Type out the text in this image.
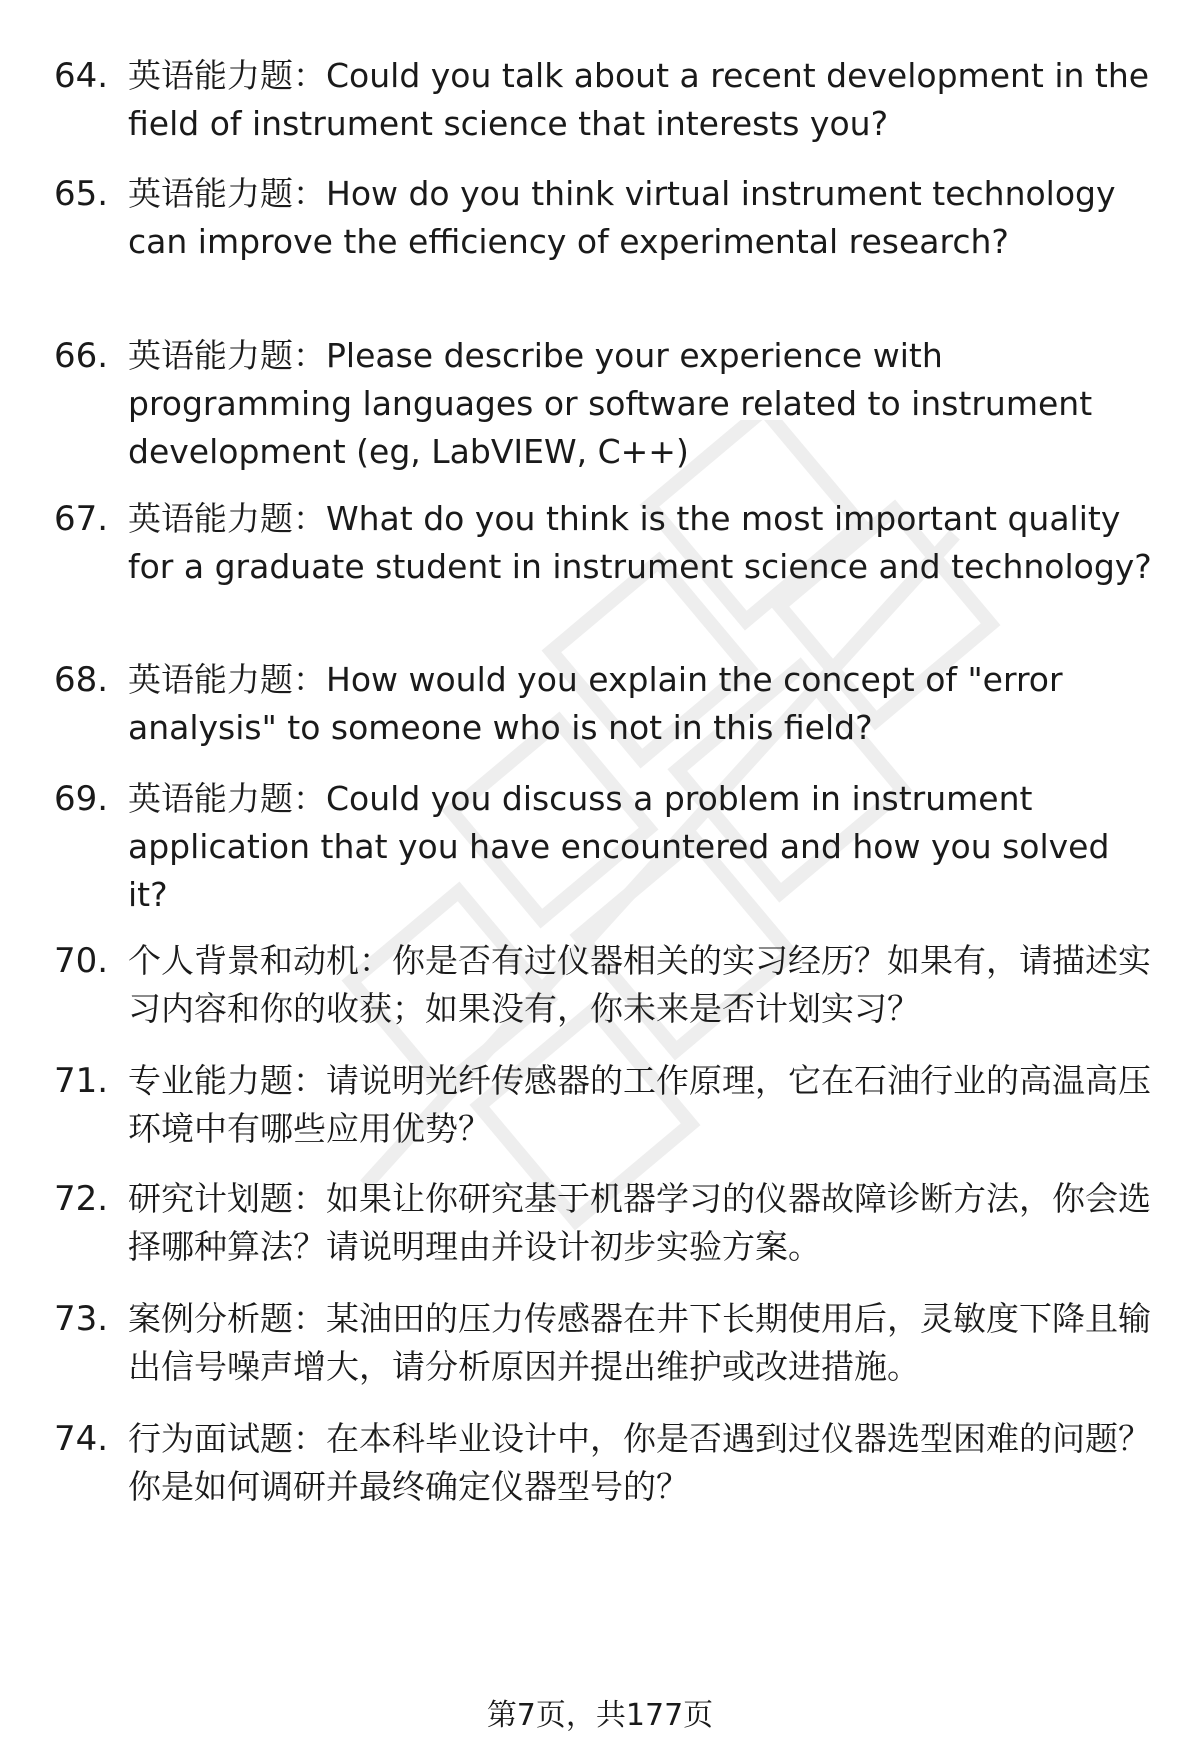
64. 英语能力题：Could you talk about a recent development in the field of instrument science that interests you?
65. 英语能力题：How do you think virtual instrument technology can improve the efficiency of experimental research?
66. 英语能力题：Please describe your experience with programming languages or software related to instrument development (eg, LabVIEW, C++)
67. 英语能力题：What do you think is the most important quality for a graduate student in instrument science and technology?
68. 英语能力题：How would you explain the concept of "error analysis" to someone who is not in this field?
69. 英语能力题：Could you discuss a problem in instrument application that you have encountered and how you solved it?
70. 个人背景和动机：你是否有过仪器相关的实习经历？如果有，请描述实习内容和你的收获；如果没有，你未来是否计划实习？
71. 专业能力题：请说明光纤传感器的工作原理，它在石油行业的高温高压环境中有哪些应用优势？
72. 研究计划题：如果让你研究基于机器学习的仪器故障诊断方法，你会选择哪种算法？请说明理由并设计初步实验方案。
73. 案例分析题：某油田的压力传感器在井下长期使用后，灵敏度下降且输出信号噪声增大，请分析原因并提出维护或改进措施。
74. 行为面试题：在本科毕业设计中，你是否遇到过仪器选型困难的问题？你是如何调研并最终确定仪器型号的？
第7页，共177页
